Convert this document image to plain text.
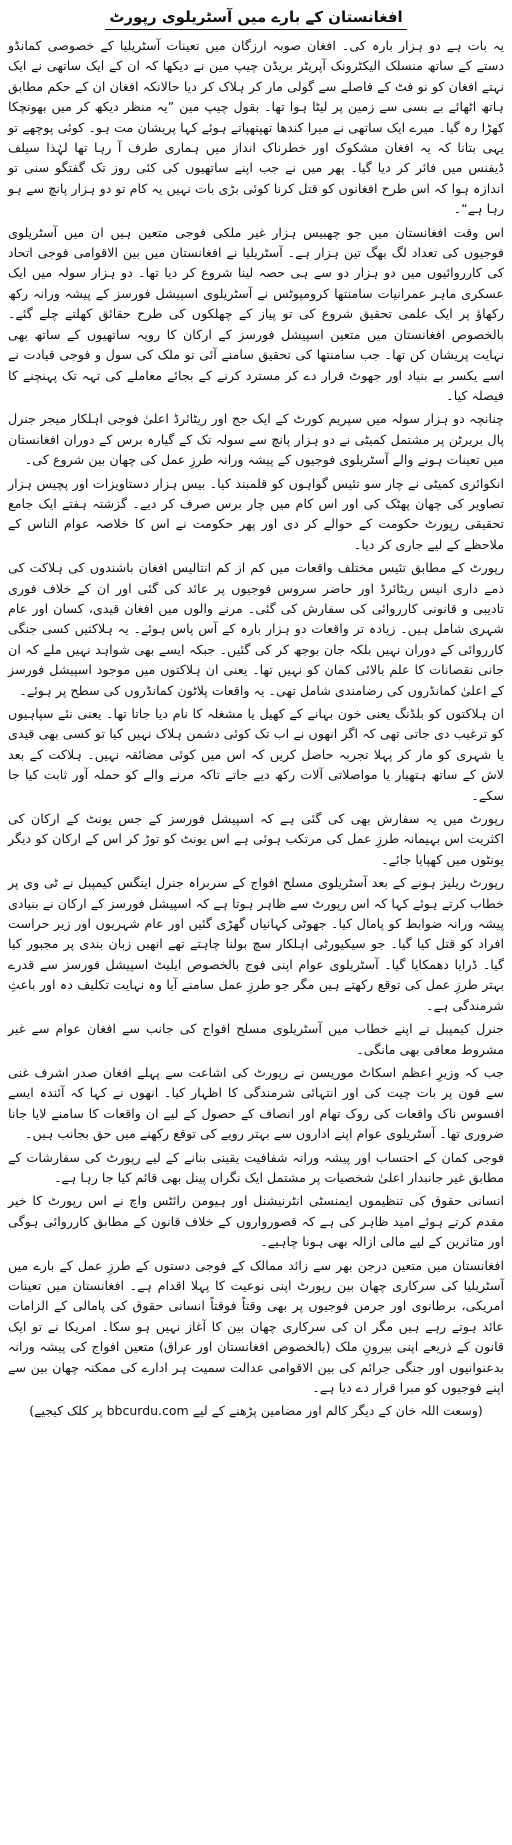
افغانستان کے بارے میں آسٹریلوی رپورٹ

یہ بات ہے دو ہزار بارہ کی۔ افغان صوبہ ارزگان میں تعینات آسٹریلیا کے خصوصی کمانڈو دستے کے ساتھ منسلک الیکٹرونک آپریٹر بریڈن چیپ مین نے دیکھا کہ ان کے ایک ساتھی نے ایک نہتے افغان کو نو فٹ کے فاصلے سے گولی مار کر ہلاک کر دیا حالانکہ افغان ان کے حکم مطابق ہاتھ اٹھائے بے بسی سے زمین پر لیٹا ہوا تھا۔ بقول چیپ مین ”یہ منظر دیکھ کر میں بھونچکا کھڑا رہ گیا۔ میرے ایک ساتھی نے میرا کندھا تھپتھپاتے ہوئے کہا پریشان مت ہو۔ کوئی پوچھے تو یہی بتانا کہ یہ افغان مشکوک اور خطرناک انداز میں ہماری طرف آ رہا تھا لہٰذا سیلف ڈیفنس میں فائر کر دیا گیا۔ پھر میں نے جب اپنے ساتھیوں کی کئی روز تک گفتگو سنی تو اندازہ ہوا کہ اس طرح افغانوں کو قتل کرنا کوئی بڑی بات نہیں یہ کام تو دو ہزار پانچ سے ہو رہا ہے“۔

اس وقت افغانستان میں جو چھبیس ہزار غیر ملکی فوجی متعین ہیں ان میں آسٹریلوی فوجیوں کی تعداد لگ بھگ تین ہزار ہے۔ آسٹریلیا نے افغانستان میں بین الاقوامی فوجی اتحاد کی کارروائیوں میں دو ہزار دو سے ہی حصہ لینا شروع کر دیا تھا۔ دو ہزار سولہ میں ایک عسکری ماہر عمرانیات سامنتھا کرومپوٹس نے آسٹریلوی اسپیشل فورسز کے پیشہ ورانہ رکھ رکھاؤ پر ایک علمی تحقیق شروع کی تو پیاز کے چھلکوں کی طرح حقائق کھلتے چلے گئے۔ بالخصوص افغانستان میں متعین اسپیشل فورسز کے ارکان کا رویہ ساتھیوں کے ساتھ بھی نہایت پریشان کن تھا۔ جب سامنتھا کی تحقیق سامنے آئی تو ملک کی سول و فوجی قیادت نے اسے یکسر بے بنیاد اور جھوٹ قرار دے کر مسترد کرنے کے بجائے معاملے کی تہہ تک پہنچنے کا فیصلہ کیا۔

چنانچہ دو ہزار سولہ میں سپریم کورٹ کے ایک جج اور ریٹائرڈ اعلیٰ فوجی اہلکار میجر جنرل پال بریرٹن پر مشتمل کمیٹی نے دو ہزار پانچ سے سولہ تک کے گیارہ برس کے دوران افغانستان میں تعینات ہونے والے آسٹریلوی فوجیوں کے پیشہ ورانہ طرزِ عمل کی چھان بین شروع کی۔

انکوائری کمیٹی نے چار سو تئیس گواہوں کو قلمبند کیا۔ بیس ہزار دستاویزات اور پچیس ہزار تصاویر کی چھان پھٹک کی اور اس کام میں چار برس صرف کر دیے۔ گزشتہ ہفتے ایک جامع تحقیقی رپورٹ حکومت کے حوالے کر دی اور پھر حکومت نے اس کا خلاصہ عوام الناس کے ملاحظے کے لیے جاری کر دیا۔

رپورٹ کے مطابق تئیس مختلف واقعات میں کم از کم انتالیس افغان باشندوں کی ہلاکت کی ذمے داری انیس ریٹائرڈ اور حاضر سروس فوجیوں پر عائد کی گئی اور ان کے خلاف فوری تادیبی و قانونی کارروائی کی سفارش کی گئی۔ مرنے والوں میں افغان قیدی، کسان اور عام شہری شامل ہیں۔ زیادہ تر واقعات دو ہزار بارہ کے آس پاس ہوئے۔ یہ ہلاکتیں کسی جنگی کارروائی کے دوران نہیں بلکہ جان بوجھ کر کی گئیں۔ جبکہ ایسے بھی شواہد نہیں ملے کہ ان جانی نقصانات کا علم بالائی کمان کو نہیں تھا۔ یعنی ان ہلاکتوں میں موجود اسپیشل فورسز کے اعلیٰ کمانڈروں کی رضامندی شامل تھی۔ یہ واقعات پلاٹون کمانڈروں کی سطح پر ہوئے۔

ان ہلاکتوں کو بلڈنگ یعنی خون بہانے کے کھیل یا مشغلہ کا نام دیا جاتا تھا۔ یعنی نئے سپاہیوں کو ترغیب دی جاتی تھی کہ اگر انھوں نے اب تک کوئی دشمن ہلاک نہیں کیا تو کسی بھی قیدی یا شہری کو مار کر پہلا تجربہ حاصل کریں کہ اس میں کوئی مضائقہ نہیں۔ ہلاکت کے بعد لاش کے ساتھ ہتھیار یا مواصلاتی آلات رکھ دیے جاتے تاکہ مرنے والے کو حملہ آور ثابت کیا جا سکے۔

رپورٹ میں یہ سفارش بھی کی گئی ہے کہ اسپیشل فورسز کے جس یونٹ کے ارکان کی اکثریت اس بہیمانہ طرزِ عمل کی مرتکب ہوئی ہے اس یونٹ کو توڑ کر اس کے ارکان کو دیگر یونٹوں میں کھپایا جائے۔

رپورٹ ریلیز ہونے کے بعد آسٹریلوی مسلح افواج کے سربراہ جنرل اینگس کیمپبل نے ٹی وی پر خطاب کرتے ہوئے کہا کہ اس رپورٹ سے ظاہر ہوتا ہے کہ اسپیشل فورسز کے ارکان نے بنیادی پیشہ ورانہ ضوابط کو پامال کیا۔ جھوٹی کہانیاں گھڑی گئیں اور عام شہریوں اور زیر حراست افراد کو قتل کیا گیا۔ جو سیکیورٹی اہلکار سچ بولنا چاہتے تھے انھیں زبان بندی پر مجبور کیا گیا۔ ڈرایا دھمکایا گیا۔ آسٹریلوی عوام اپنی فوج بالخصوص ایلیٹ اسپیشل فورسز سے قدرے بہتر طرزِ عمل کی توقع رکھتے ہیں مگر جو طرزِ عمل سامنے آیا وہ نہایت تکلیف دہ اور باعثِ شرمندگی ہے۔

جنرل کیمپبل نے اپنے خطاب میں آسٹریلوی مسلح افواج کی جانب سے افغان عوام سے غیر مشروط معافی بھی مانگی۔

جب کہ وزیرِ اعظم اسکاٹ موریسن نے رپورٹ کی اشاعت سے پہلے افغان صدر اشرف غنی سے فون پر بات چیت کی اور انتہائی شرمندگی کا اظہار کیا۔ انھوں نے کہا کہ آئندہ ایسے افسوس ناک واقعات کی روک تھام اور انصاف کے حصول کے لیے ان واقعات کا سامنے لایا جانا ضروری تھا۔ آسٹریلوی عوام اپنے اداروں سے بہتر رویے کی توقع رکھنے میں حق بجانب ہیں۔

فوجی کمان کے احتساب اور پیشہ ورانہ شفافیت یقینی بنانے کے لیے رپورٹ کی سفارشات کے مطابق غیر جانبدار اعلیٰ شخصیات پر مشتمل ایک نگراں پینل بھی قائم کیا جا رہا ہے۔

انسانی حقوق کی تنظیموں ایمنسٹی انٹرنیشنل اور ہیومن رائٹس واچ نے اس رپورٹ کا خیر مقدم کرتے ہوئے امید ظاہر کی ہے کہ قصورواروں کے خلاف قانون کے مطابق کارروائی ہوگی اور متاثرین کے لیے مالی ازالہ بھی ہونا چاہیے۔

افغانستان میں متعین درجن بھر سے زائد ممالک کے فوجی دستوں کے طرزِ عمل کے بارے میں آسٹریلیا کی سرکاری چھان بین رپورٹ اپنی نوعیت کا پہلا اقدام ہے۔ افغانستان میں تعینات امریکی، برطانوی اور جرمن فوجیوں پر بھی وقتاً فوقتاً انسانی حقوق کی پامالی کے الزامات عائد ہوتے رہے ہیں مگر ان کی سرکاری چھان بین کا آغاز نہیں ہو سکا۔ امریکا نے تو ایک قانون کے ذریعے اپنی بیرونِ ملک (بالخصوص افغانستان اور عراق) متعین افواج کی پیشہ ورانہ بدعنوانیوں اور جنگی جرائم کی بین الاقوامی عدالت سمیت ہر ادارے کی ممکنہ چھان بین سے اپنے فوجیوں کو مبرا قرار دے دیا ہے۔

(وسعت اللہ خان کے دیگر کالم اور مضامین پڑھنے کے لیے bbcurdu.com پر کلک کیجیے)
